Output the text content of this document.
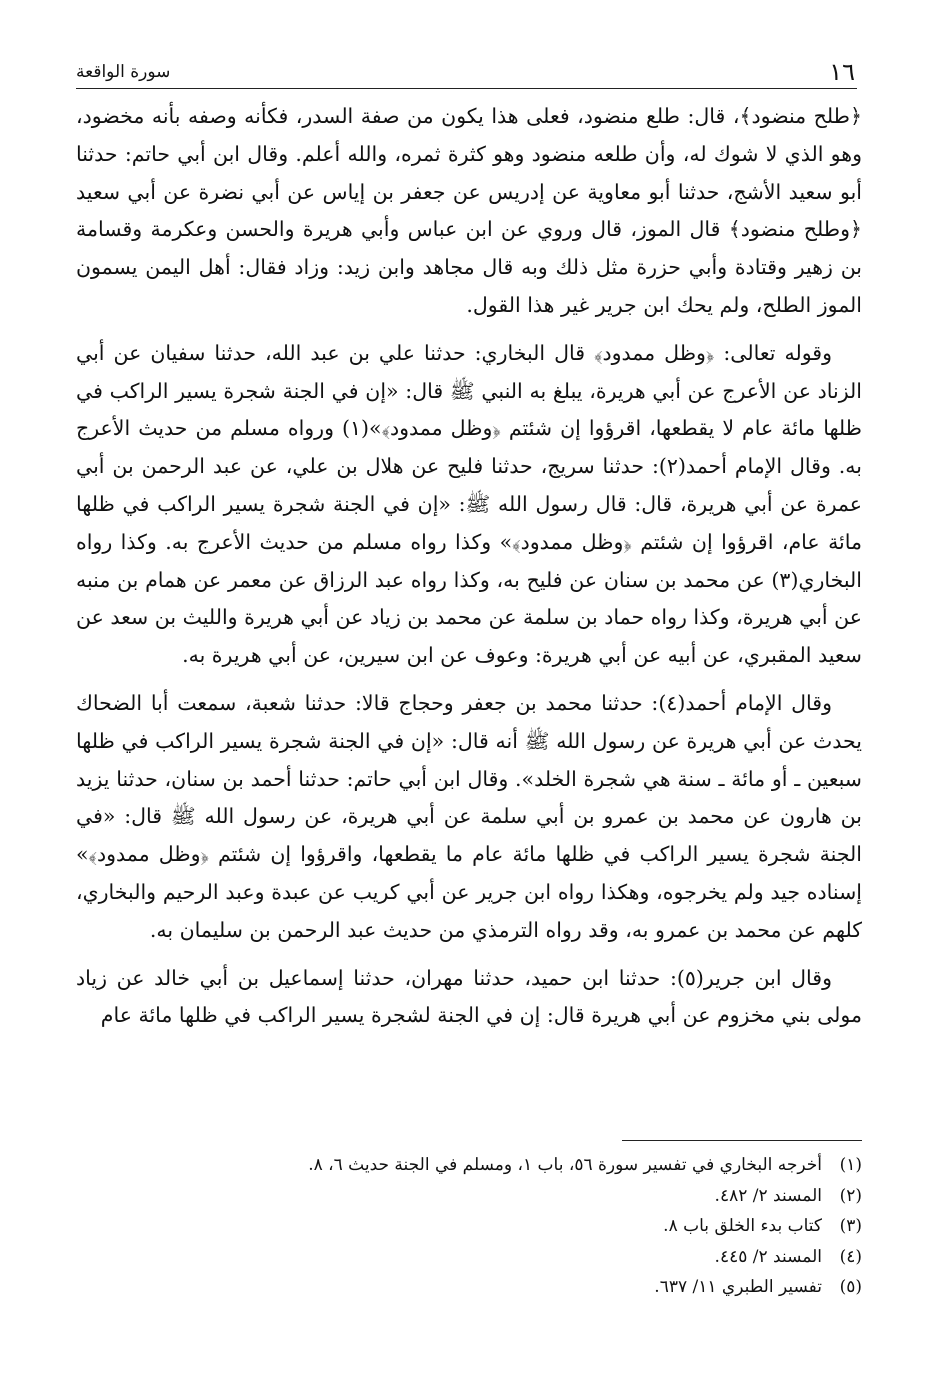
١٦
سورة الواقعة

﴿طلح منضود﴾، قال: طلع منضود، فعلى هذا يكون من صفة السدر، فكأنه وصفه بأنه مخضود، وهو الذي لا شوك له، وأن طلعه منضود وهو كثرة ثمره، والله أعلم. وقال ابن أبي حاتم: حدثنا أبو سعيد الأشج، حدثنا أبو معاوية عن إدريس عن جعفر بن إياس عن أبي نضرة عن أبي سعيد ﴿وطلح منضود﴾ قال الموز، قال وروي عن ابن عباس وأبي هريرة والحسن وعكرمة وقسامة بن زهير وقتادة وأبي حزرة مثل ذلك وبه قال مجاهد وابن زيد: وزاد فقال: أهل اليمن يسمون الموز الطلح، ولم يحك ابن جرير غير هذا القول.

وقوله تعالى: ﴿وظل ممدود﴾ قال البخاري: حدثنا علي بن عبد الله، حدثنا سفيان عن أبي الزناد عن الأعرج عن أبي هريرة، يبلغ به النبي ﷺ قال: «إن في الجنة شجرة يسير الراكب في ظلها مائة عام لا يقطعها، اقرؤوا إن شئتم ﴿وظل ممدود﴾»(١) ورواه مسلم من حديث الأعرج به. وقال الإمام أحمد(٢): حدثنا سريج، حدثنا فليح عن هلال بن علي، عن عبد الرحمن بن أبي عمرة عن أبي هريرة، قال: قال رسول الله ﷺ: «إن في الجنة شجرة يسير الراكب في ظلها مائة عام، اقرؤوا إن شئتم ﴿وظل ممدود﴾» وكذا رواه مسلم من حديث الأعرج به. وكذا رواه البخاري(٣) عن محمد بن سنان عن فليح به، وكذا رواه عبد الرزاق عن معمر عن همام بن منبه عن أبي هريرة، وكذا رواه حماد بن سلمة عن محمد بن زياد عن أبي هريرة والليث بن سعد عن سعيد المقبري، عن أبيه عن أبي هريرة: وعوف عن ابن سيرين، عن أبي هريرة به.

وقال الإمام أحمد(٤): حدثنا محمد بن جعفر وحجاج قالا: حدثنا شعبة، سمعت أبا الضحاك يحدث عن أبي هريرة عن رسول الله ﷺ أنه قال: «إن في الجنة شجرة يسير الراكب في ظلها سبعين ـ أو مائة ـ سنة هي شجرة الخلد». وقال ابن أبي حاتم: حدثنا أحمد بن سنان، حدثنا يزيد بن هارون عن محمد بن عمرو بن أبي سلمة عن أبي هريرة، عن رسول الله ﷺ قال: «في الجنة شجرة يسير الراكب في ظلها مائة عام ما يقطعها، واقرؤوا إن شئتم ﴿وظل ممدود﴾» إسناده جيد ولم يخرجوه، وهكذا رواه ابن جرير عن أبي كريب عن عبدة وعبد الرحيم والبخاري، كلهم عن محمد بن عمرو به، وقد رواه الترمذي من حديث عبد الرحمن بن سليمان به.

وقال ابن جرير(٥): حدثنا ابن حميد، حدثنا مهران، حدثنا إسماعيل بن أبي خالد عن زياد مولى بني مخزوم عن أبي هريرة قال: إن في الجنة لشجرة يسير الراكب في ظلها مائة عام

(١)أخرجه البخاري في تفسير سورة ٥٦، باب ١، ومسلم في الجنة حديث ٦، ٨.
(٢)المسند ٢/ ٤٨٢.
(٣)كتاب بدء الخلق باب ٨.
(٤)المسند ٢/ ٤٤٥.
(٥)تفسير الطبري ١١/ ٦٣٧.
